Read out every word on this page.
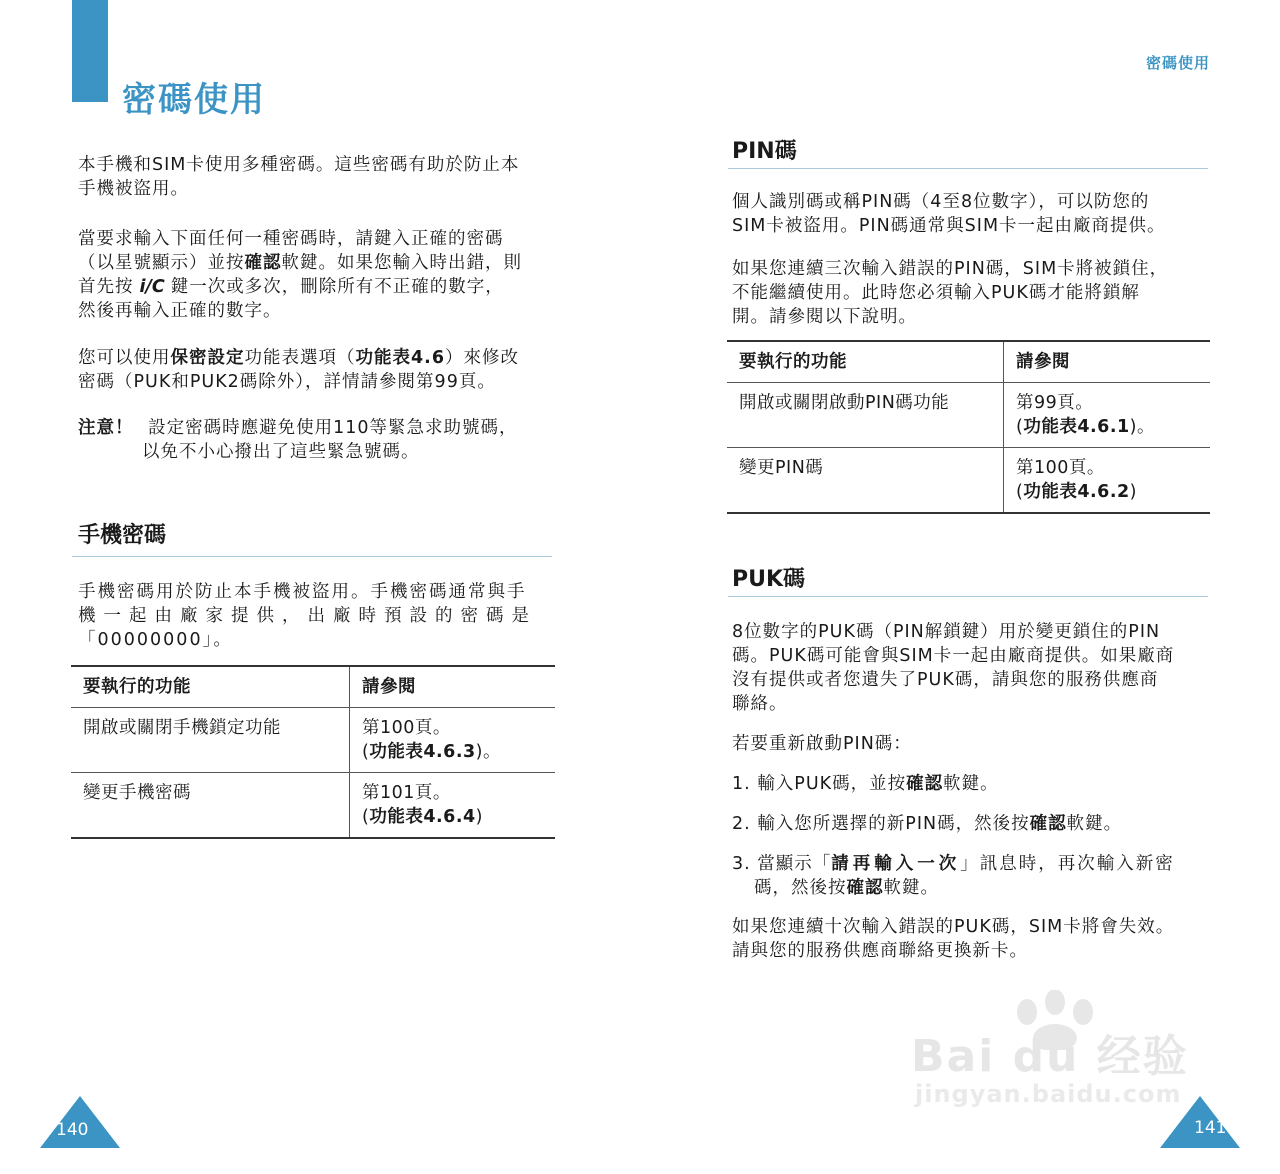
密碼使用

本手機和SIM卡使用多種密碼。這些密碼有助於防止本
手機被盜用。

當要求輸入下面任何一種密碼時，請鍵入正確的密碼
（以星號顯示）並按確認軟鍵。如果您輸入時出錯，則
首先按 i/C 鍵一次或多次，刪除所有不正確的數字，
然後再輸入正確的數字。

您可以使用保密設定功能表選項（功能表4.6）來修改
密碼（PUK和PUK2碼除外），詳情請參閱第99頁。

注意！ 設定密碼時應避免使用110等緊急求助號碼，
以免不小心撥出了這些緊急號碼。
手機密碼

手機密碼用於防止本手機被盜用。手機密碼通常與手
機一起由廠家提供，出廠時預設的密碼是
「00000000」。

要執行的功能	請參閱
開啟或關閉手機鎖定功能	第100頁。
(功能表4.6.3)。
變更手機密碼	第101頁。
(功能表4.6.4)
140
密碼使用
PIN碼

個人識別碼或稱PIN碼（4至8位數字），可以防您的
SIM卡被盜用。PIN碼通常與SIM卡一起由廠商提供。

如果您連續三次輸入錯誤的PIN碼，SIM卡將被鎖住，
不能繼續使用。此時您必須輸入PUK碼才能將鎖解
開。請參閱以下說明。

要執行的功能	請參閱
開啟或關閉啟動PIN碼功能	第99頁。
(功能表4.6.1)。
變更PIN碼	第100頁。
(功能表4.6.2)
PUK碼

8位數字的PUK碼（PIN解鎖鍵）用於變更鎖住的PIN
碼。PUK碼可能會與SIM卡一起由廠商提供。如果廠商
沒有提供或者您遺失了PUK碼，請與您的服務供應商
聯絡。

若要重新啟動PIN碼：

1. 輸入PUK碼，並按確認軟鍵。

2. 輸入您所選擇的新PIN碼，然後按確認軟鍵。

3. 當顯示「請再輸入一次」訊息時，再次輸入新密
碼，然後按確認軟鍵。

如果您連續十次輸入錯誤的PUK碼，SIM卡將會失效。
請與您的服務供應商聯絡更換新卡。

141
Bai du 经验
jingyan.baidu.com
